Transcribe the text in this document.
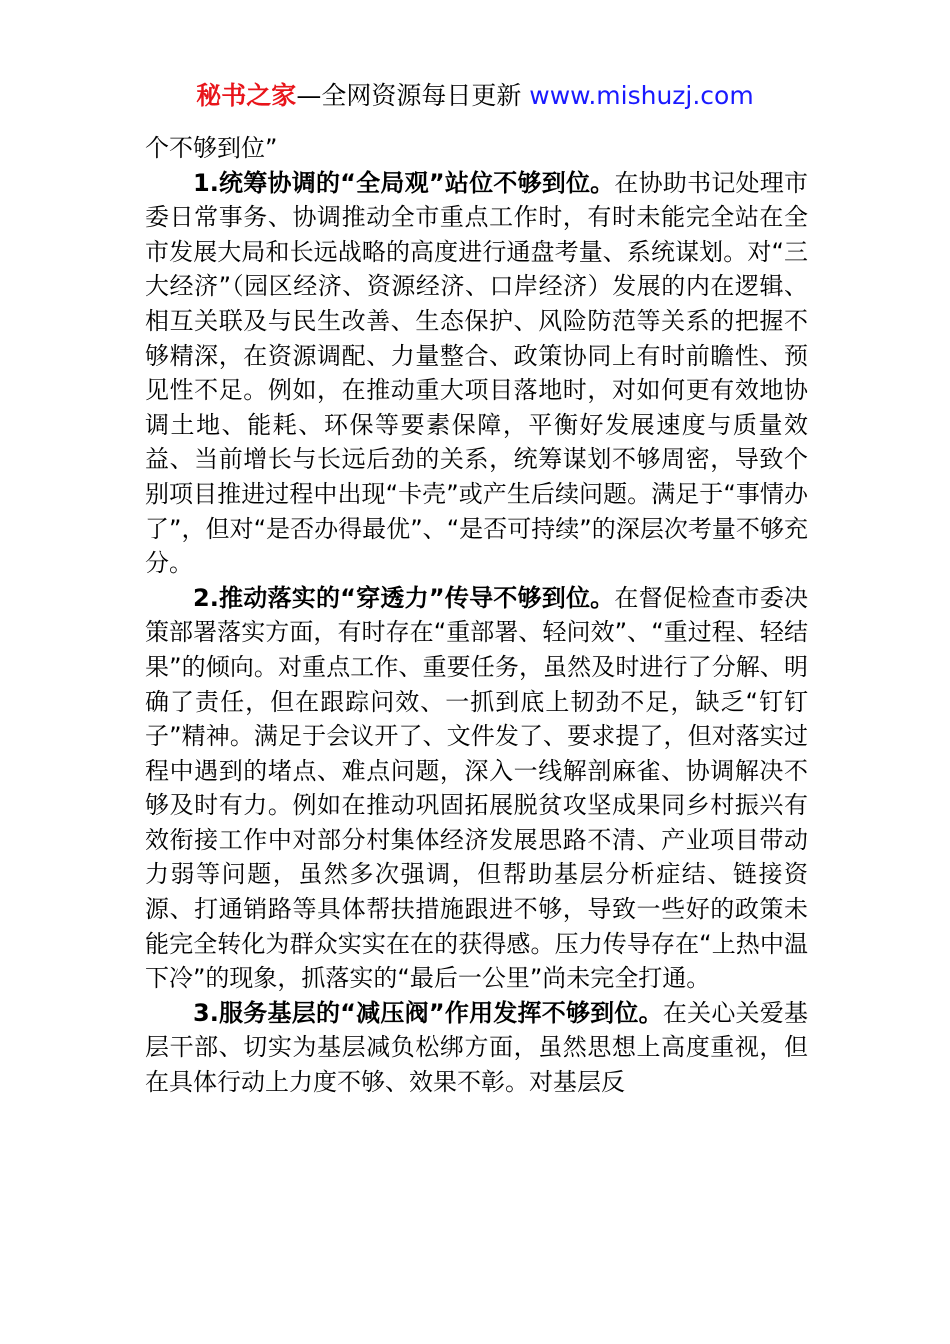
秘书之家—全网资源每日更新 www.mishuzj.com

个不够到位”

1.统筹协调的“全局观”站位不够到位。在协助书记处理市委日常事务、协调推动全市重点工作时，有时未能完全站在全市发展大局和长远战略的高度进行通盘考量、系统谋划。对“三大经济”（园区经济、资源经济、口岸经济）发展的内在逻辑、相互关联及与民生改善、生态保护、风险防范等关系的把握不够精深，在资源调配、力量整合、政策协同上有时前瞻性、预见性不足。例如，在推动重大项目落地时，对如何更有效地协调土地、能耗、环保等要素保障，平衡好发展速度与质量效益、当前增长与长远后劲的关系，统筹谋划不够周密，导致个别项目推进过程中出现“卡壳”或产生后续问题。满足于“事情办了”，但对“是否办得最优”、“是否可持续”的深层次考量不够充分。

2.推动落实的“穿透力”传导不够到位。在督促检查市委决策部署落实方面，有时存在“重部署、轻问效”、“重过程、轻结果”的倾向。对重点工作、重要任务，虽然及时进行了分解、明确了责任，但在跟踪问效、一抓到底上韧劲不足，缺乏“钉钉子”精神。满足于会议开了、文件发了、要求提了，但对落实过程中遇到的堵点、难点问题，深入一线解剖麻雀、协调解决不够及时有力。例如在推动巩固拓展脱贫攻坚成果同乡村振兴有效衔接工作中对部分村集体经济发展思路不清、产业项目带动力弱等问题，虽然多次强调，但帮助基层分析症结、链接资源、打通销路等具体帮扶措施跟进不够，导致一些好的政策未能完全转化为群众实实在在的获得感。压力传导存在“上热中温下冷”的现象，抓落实的“最后一公里”尚未完全打通。

3.服务基层的“减压阀”作用发挥不够到位。在关心关爱基层干部、切实为基层减负松绑方面，虽然思想上高度重视，但在具体行动上力度不够、效果不彰。对基层反
